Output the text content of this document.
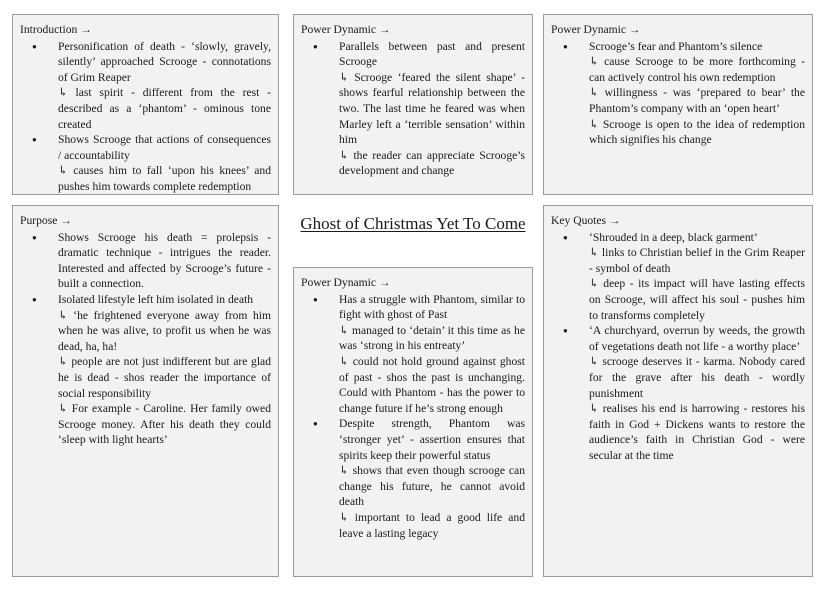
Introduction →
● Personification of death - ‘slowly, gravely, silently’ approached Scrooge - connotations of Grim Reaper
↳ last spirit - different from the rest - described as a ‘phantom’ - ominous tone created
● Shows Scrooge that actions of consequences / accountability
↳ causes him to fall ‘upon his knees’ and pushes him towards complete redemption
Power Dynamic →
● Parallels between past and present Scrooge
↳ Scrooge ‘feared the silent shape’ - shows fearful relationship between the two. The last time he feared was when Marley left a ‘terrible sensation’ within him
↳ the reader can appreciate Scrooge’s development and change
Power Dynamic →
● Scrooge’s fear and Phantom’s silence
↳ cause Scrooge to be more forthcoming - can actively control his own redemption
↳ willingness - was ‘prepared to bear’ the Phantom’s company with an ‘open heart’
↳ Scrooge is open to the idea of redemption which signifies his change
Purpose →
● Shows Scrooge his death = prolepsis - dramatic technique - intrigues the reader. Interested and affected by Scrooge’s future - built a connection.
● Isolated lifestyle left him isolated in death
↳ ‘he frightened everyone away from him when he was alive, to profit us when he was dead, ha, ha!
↳ people are not just indifferent but are glad he is dead - shos reader the importance of social responsibility
↳ For example - Caroline. Her family owed Scrooge money. After his death they could ‘sleep with light hearts’
Ghost of Christmas Yet To Come
Power Dynamic →
● Has a struggle with Phantom, similar to fight with ghost of Past
↳ managed to ‘detain’ it this time as he was ‘strong in his entreaty’
↳ could not hold ground against ghost of past - shos the past is unchanging. Could with Phantom - has the power to change future if he’s strong enough
● Despite strength, Phantom was ‘stronger yet’ - assertion ensures that spirits keep their powerful status
↳ shows that even though scrooge can change his future, he cannot avoid death
↳ important to lead a good life and leave a lasting legacy
Key Quotes →
● ‘Shrouded in a deep, black garment’
↳ links to Christian belief in the Grim Reaper - symbol of death
↳ deep - its impact will have lasting effects on Scrooge, will affect his soul - pushes him to transforms completely
● ‘A churchyard, overrun by weeds, the growth of vegetations death not life - a worthy place’
↳ scrooge deserves it - karma. Nobody cared for the grave after his death - wordly punishment
↳ realises his end is harrowing - restores his faith in God + Dickens wants to restore the audience’s faith in Christian God - were secular at the time
